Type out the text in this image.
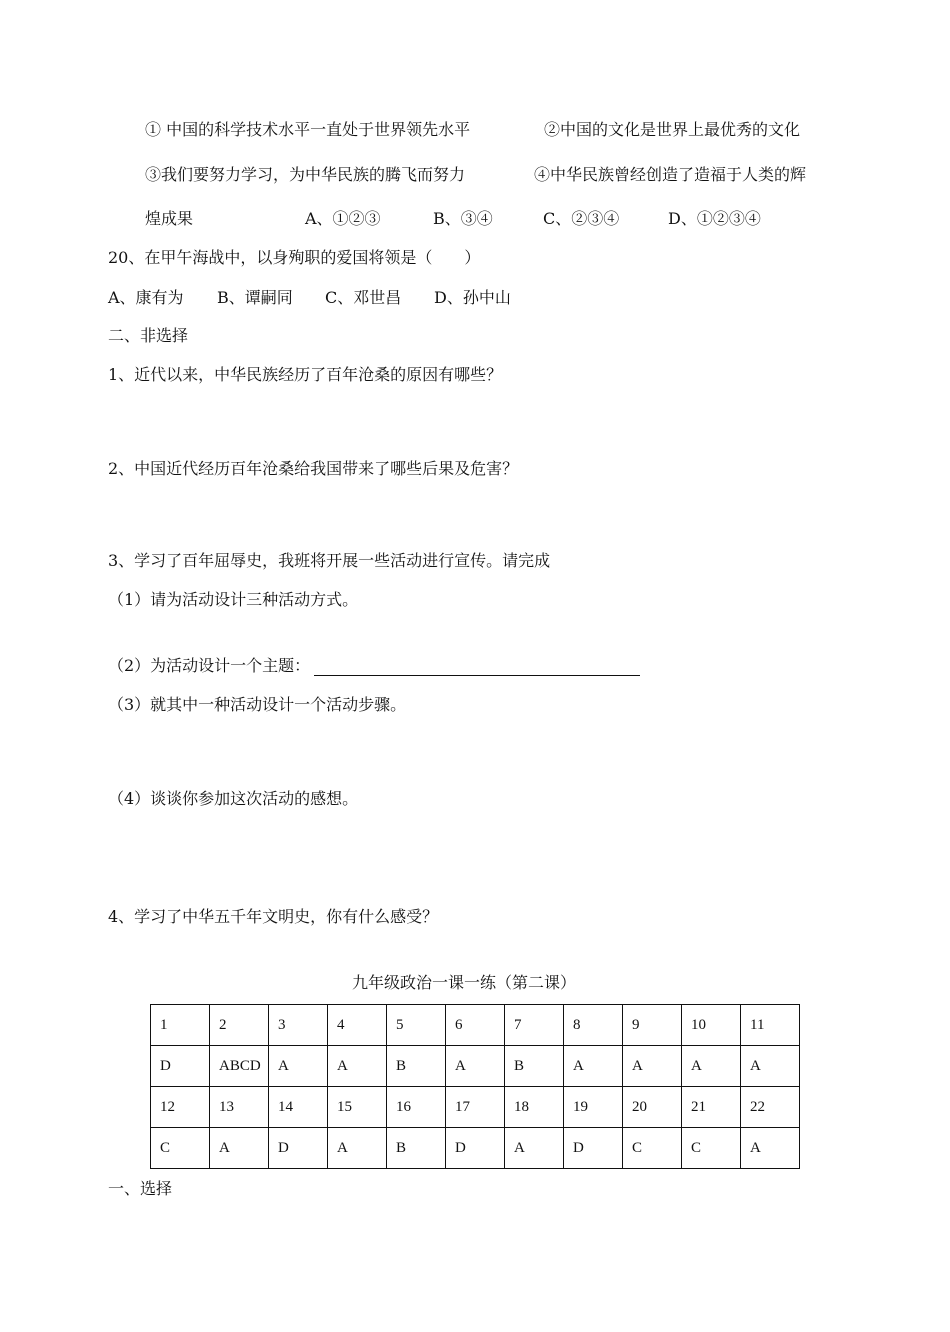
① 中国的科学技术水平一直处于世界领先水平	②中国的文化是世界上最优秀的文化
③我们要努力学习，为中华民族的腾飞而努力	④中华民族曾经创造了造福于人类的辉
煌成果	A、①②③	B、③④	C、②③④	D、①②③④
20、在甲午海战中，以身殉职的爱国将领是（　　）
A、康有为 B、谭嗣同 C、邓世昌 D、孙中山
二、非选择
1、近代以来，中华民族经历了百年沧桑的原因有哪些？
2、中国近代经历百年沧桑给我国带来了哪些后果及危害？
3、学习了百年屈辱史，我班将开展一些活动进行宣传。请完成
（1）请为活动设计三种活动方式。
（2）为活动设计一个主题：
（3）就其中一种活动设计一个活动步骤。
（4）谈谈你参加这次活动的感想。
4、学习了中华五千年文明史，你有什么感受？
九年级政治一课一练（第二课）
1	2	3	4	5	6	7	8	9	10	11
D	ABCD	A	A	B	A	B	A	A	A	A
12	13	14	15	16	17	18	19	20	21	22
C	A	D	A	B	D	A	D	C	C	A
一、选择
